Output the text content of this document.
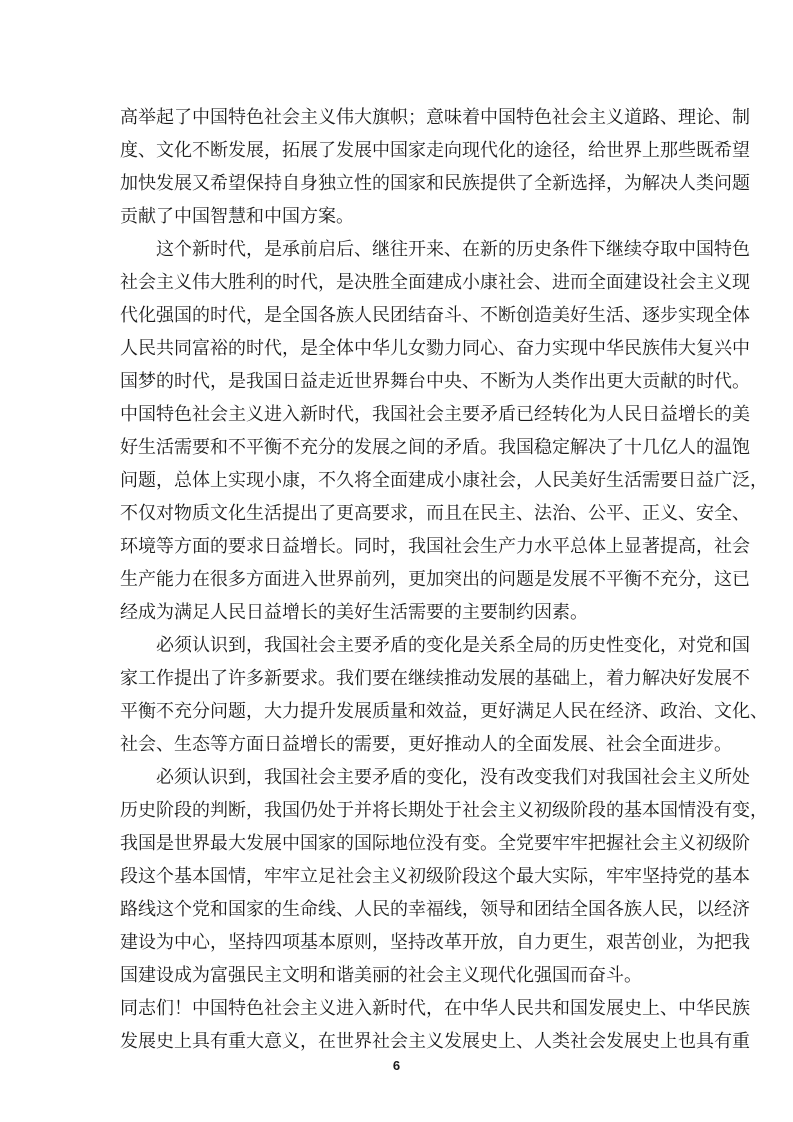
高举起了中国特色社会主义伟大旗帜；意味着中国特色社会主义道路、理论、制
度、文化不断发展，拓展了发展中国家走向现代化的途径，给世界上那些既希望
加快发展又希望保持自身独立性的国家和民族提供了全新选择，为解决人类问题
贡献了中国智慧和中国方案。
这个新时代，是承前启后、继往开来、在新的历史条件下继续夺取中国特色
社会主义伟大胜利的时代，是决胜全面建成小康社会、进而全面建设社会主义现
代化强国的时代，是全国各族人民团结奋斗、不断创造美好生活、逐步实现全体
人民共同富裕的时代，是全体中华儿女勠力同心、奋力实现中华民族伟大复兴中
国梦的时代，是我国日益走近世界舞台中央、不断为人类作出更大贡献的时代。
中国特色社会主义进入新时代，我国社会主要矛盾已经转化为人民日益增长的美
好生活需要和不平衡不充分的发展之间的矛盾。我国稳定解决了十几亿人的温饱
问题，总体上实现小康，不久将全面建成小康社会，人民美好生活需要日益广泛，
不仅对物质文化生活提出了更高要求，而且在民主、法治、公平、正义、安全、
环境等方面的要求日益增长。同时，我国社会生产力水平总体上显著提高，社会
生产能力在很多方面进入世界前列，更加突出的问题是发展不平衡不充分，这已
经成为满足人民日益增长的美好生活需要的主要制约因素。
必须认识到，我国社会主要矛盾的变化是关系全局的历史性变化，对党和国
家工作提出了许多新要求。我们要在继续推动发展的基础上，着力解决好发展不
平衡不充分问题，大力提升发展质量和效益，更好满足人民在经济、政治、文化、
社会、生态等方面日益增长的需要，更好推动人的全面发展、社会全面进步。
必须认识到，我国社会主要矛盾的变化，没有改变我们对我国社会主义所处
历史阶段的判断，我国仍处于并将长期处于社会主义初级阶段的基本国情没有变，
我国是世界最大发展中国家的国际地位没有变。全党要牢牢把握社会主义初级阶
段这个基本国情，牢牢立足社会主义初级阶段这个最大实际，牢牢坚持党的基本
路线这个党和国家的生命线、人民的幸福线，领导和团结全国各族人民，以经济
建设为中心，坚持四项基本原则，坚持改革开放，自力更生，艰苦创业，为把我
国建设成为富强民主文明和谐美丽的社会主义现代化强国而奋斗。
同志们！中国特色社会主义进入新时代，在中华人民共和国发展史上、中华民族
发展史上具有重大意义，在世界社会主义发展史上、人类社会发展史上也具有重
6
